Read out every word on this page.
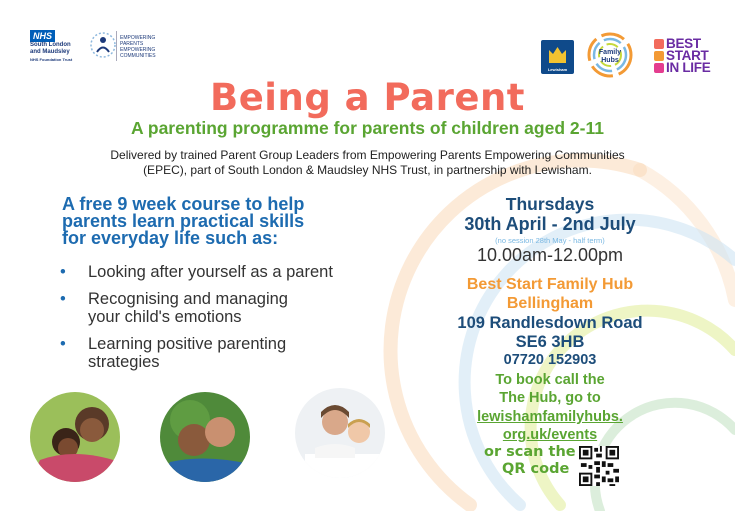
NHS
South London
and Maudsley
NHS Foundation Trust
EMPOWERING
PARENTS
EMPOWERING
COMMUNITIES
Lewisham
Family
Hubs
BEST
START
IN LIFE
Being a Parent
A parenting programme for parents of children aged 2-11
Delivered by trained Parent Group Leaders from Empowering Parents Empowering Communities
(EPEC), part of South London & Maudsley NHS Trust, in partnership with Lewisham.
A free 9 week course to help
parents learn practical skills
for everyday life such as:
•	Looking after yourself as a parent
•	Recognising and managing
your child's emotions
•	Learning positive parenting
strategies
Thursdays
30th April - 2nd July
(no session 28th May - half term)
10.00am-12.00pm
Best Start Family Hub
Bellingham
109 Randlesdown Road
SE6 3HB
07720 152903
To book call the
The Hub, go to
lewishamfamilyhubs.
org.uk/events
or scan the
QR code
